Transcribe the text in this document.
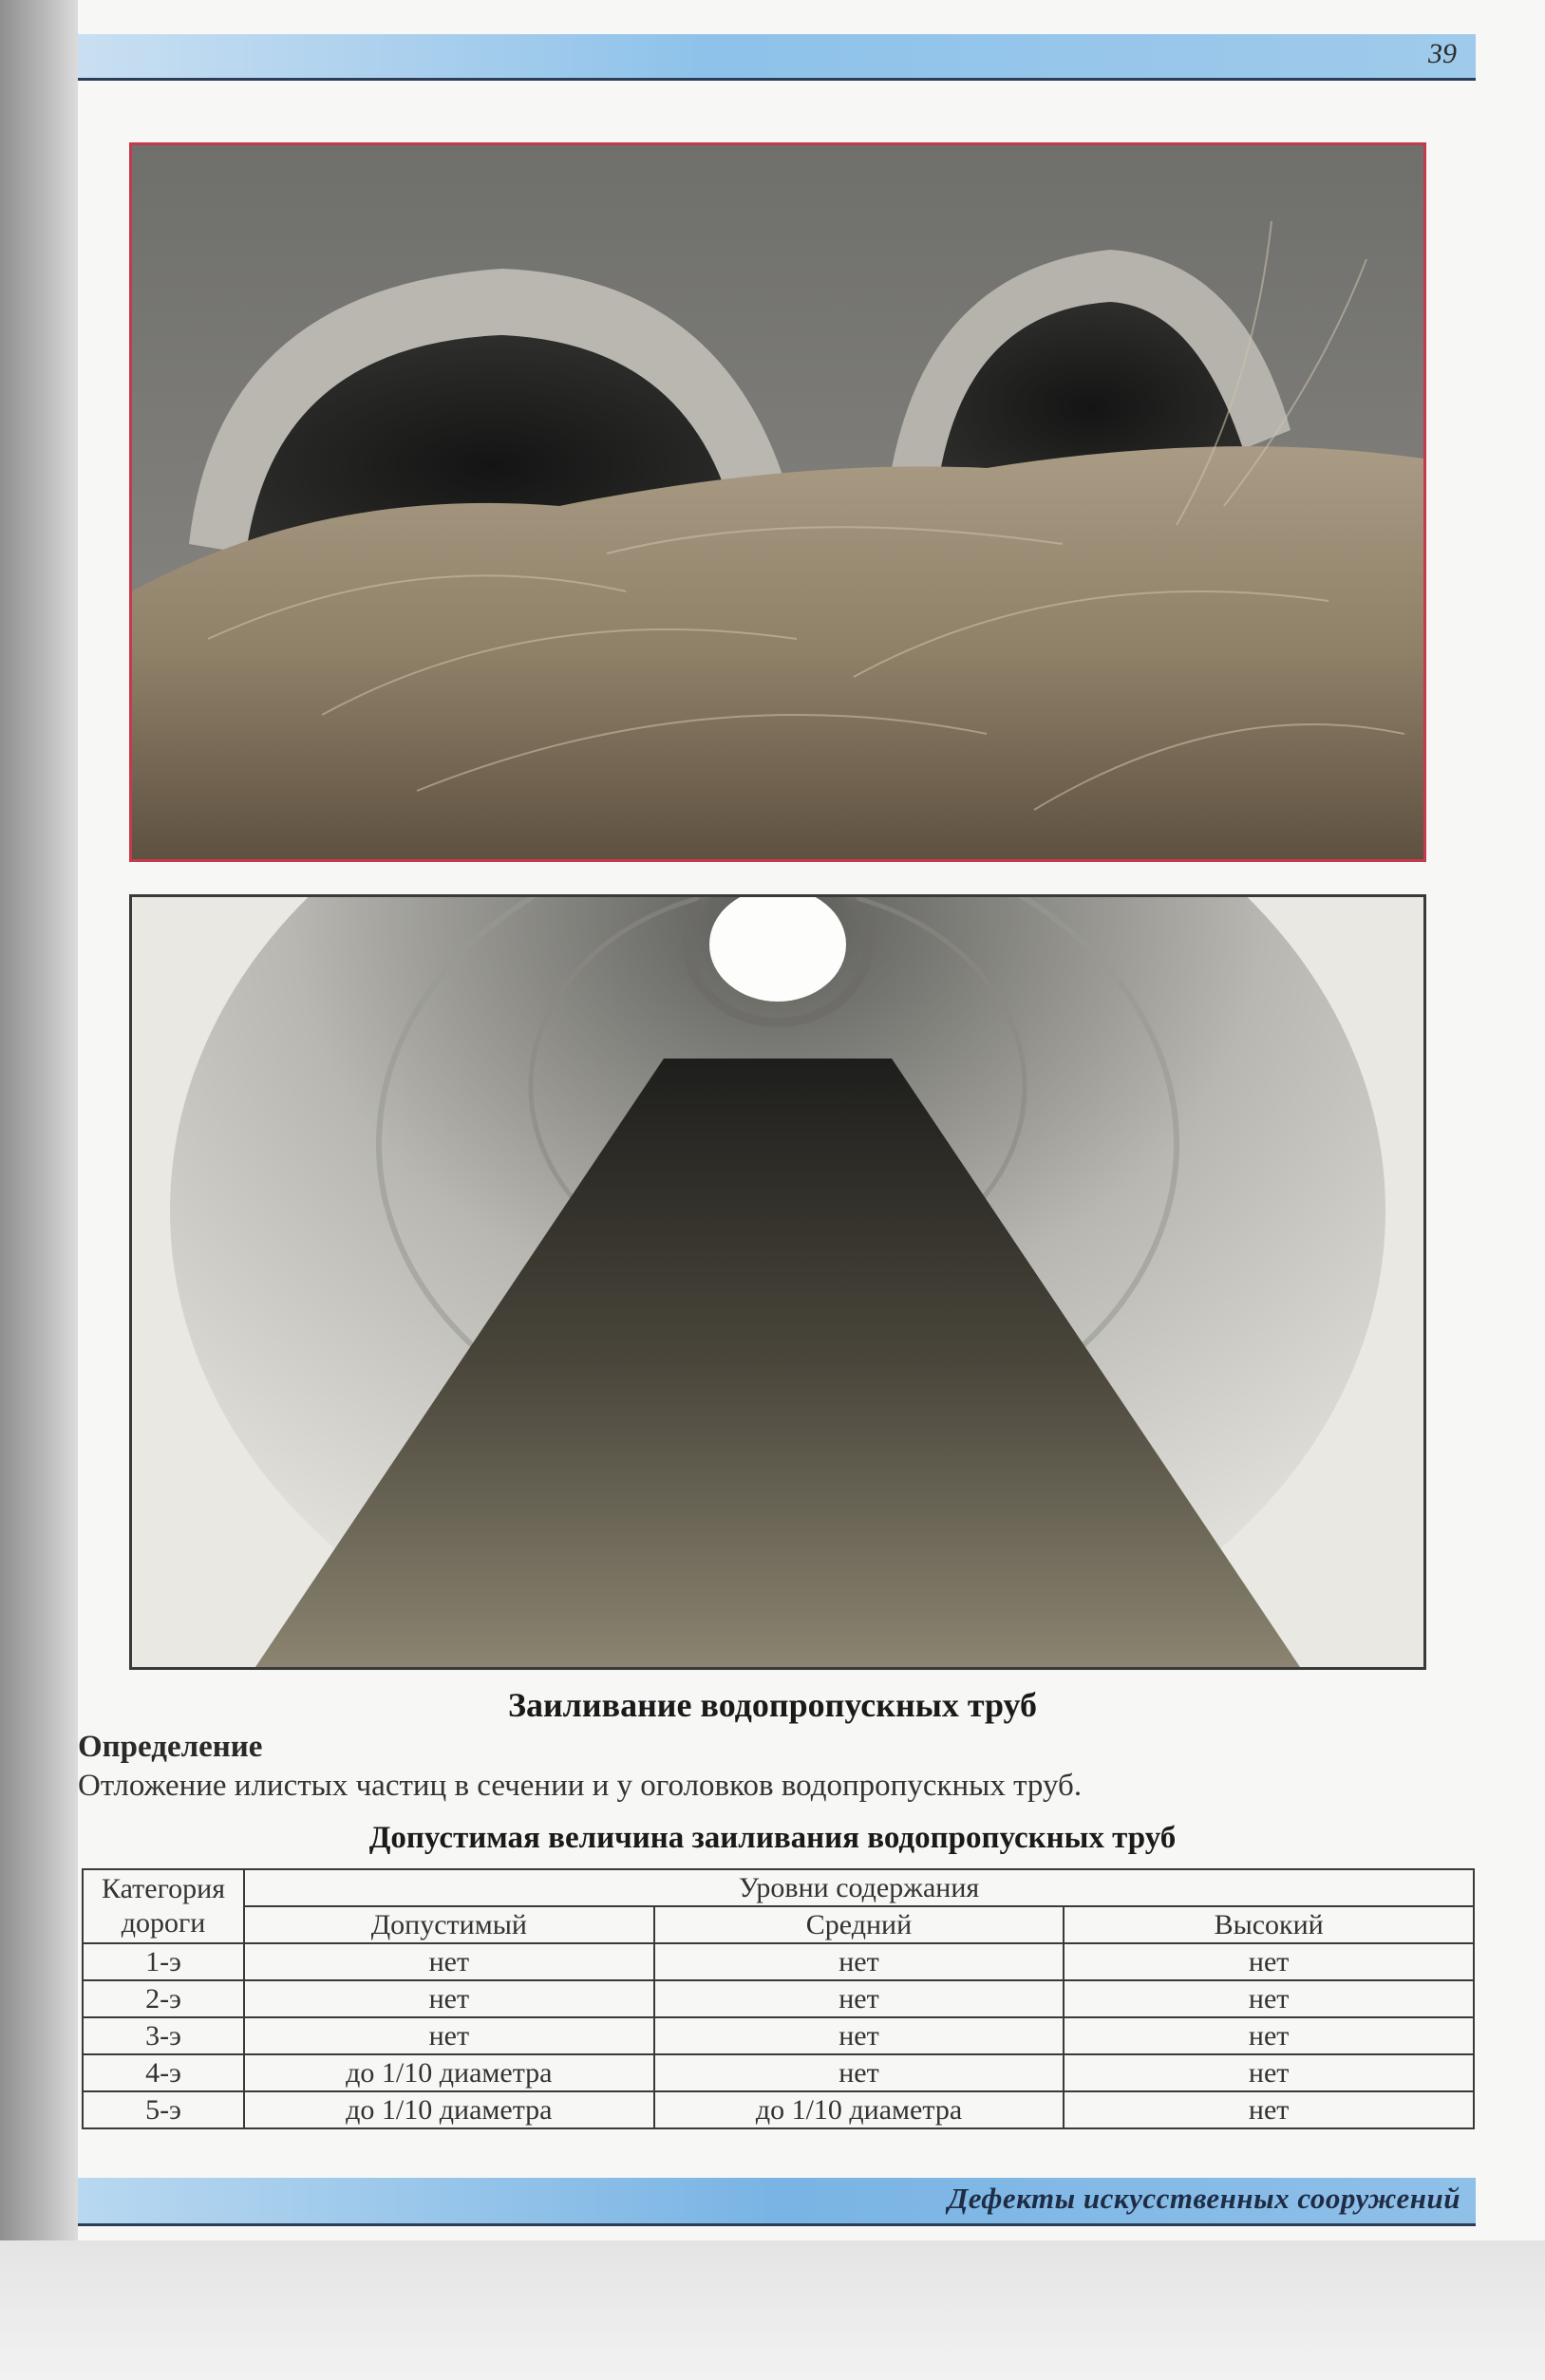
39
Заиливание водопропускных труб
Определение
Отложение илистых частиц в сечении и у оголовков водопропускных труб.
Допустимая величина заиливания водопропускных труб
Категория дороги	Уровни содержания		
	Допустимый	Средний	Высокий
1-э	нет	нет	нет
2-э	нет	нет	нет
3-э	нет	нет	нет
4-э	до 1/10 диаметра	нет	нет
5-э	до 1/10 диаметра	до 1/10 диаметра	нет
Дефекты искусственных сооружений
